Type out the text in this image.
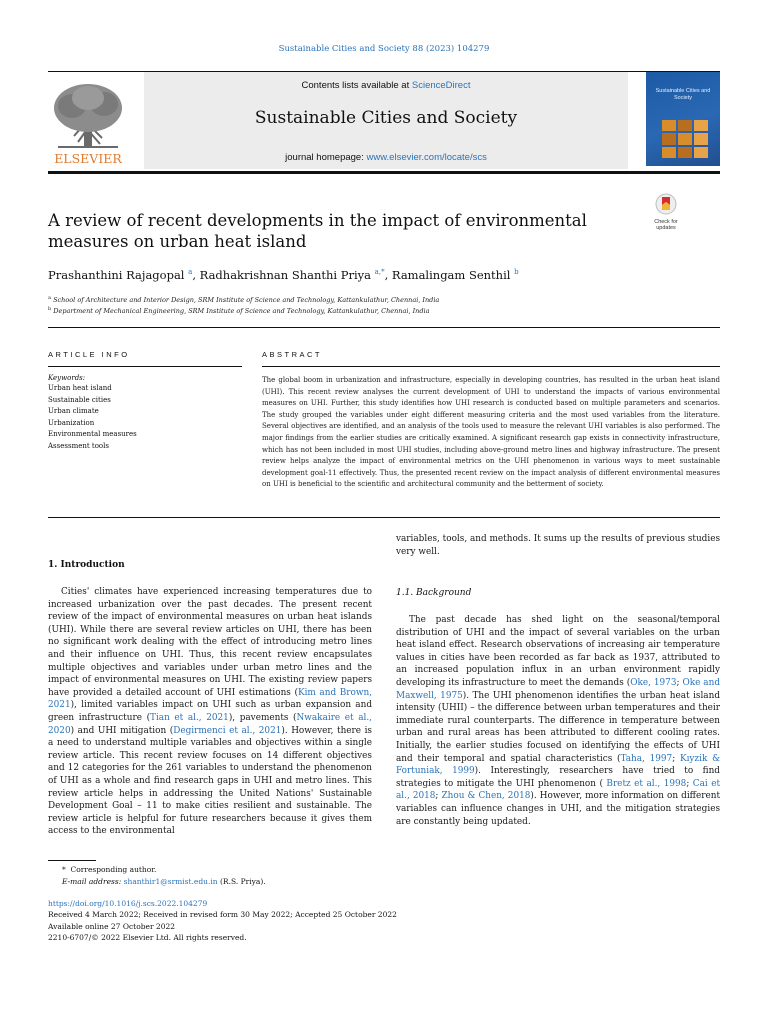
Sustainable Cities and Society 88 (2023) 104279
ELSEVIER
Contents lists available at ScienceDirect
Sustainable Cities and Society
journal homepage: www.elsevier.com/locate/scs
Sustainable Cities and Society
A review of recent developments in the impact of environmental measures on urban heat island
Check for
updates
Prashanthini Rajagopal $^a$, Radhakrishnan Shanthi Priya $^{a,*}$, Ramalingam Senthil $^b$
$^a$ School of Architecture and Interior Design, SRM Institute of Science and Technology, Kattankulathur, Chennai, India
$^b$ Department of Mechanical Engineering, SRM Institute of Science and Technology, Kattankulathur, Chennai, India
ARTICLE INFO	ABSTRACT
Keywords:
Urban heat island
Sustainable cities
Urban climate
Urbanization
Environmental measures
Assessment tools
The global boom in urbanization and infrastructure, especially in developing countries, has resulted in the urban heat island (UHI). This recent review analyses the current development of UHI to understand the impacts of various environmental measures on UHI. Further, this study identifies how UHI research is conducted based on multiple parameters and scenarios. The study grouped the variables under eight different measuring criteria and the most used variables from the literature. Several objectives are identified, and an analysis of the tools used to measure the relevant UHI variables is also performed. The major findings from the earlier studies are critically examined. A significant research gap exists in connectivity infrastructure, which has not been included in most UHI studies, including above-ground metro lines and highway infrastructure. The present review helps analyze the impact of environmental metrics on the UHI phenomenon in various ways to meet sustainable development goal-11 effectively. Thus, the presented recent review on the impact analysis of different environmental measures on UHI is beneficial to the scientific and architectural community and the betterment of society.
1. Introduction

Cities' climates have experienced increasing temperatures due to increased urbanization over the past decades. The present recent review of the impact of environmental measures on urban heat islands (UHI). While there are several review articles on UHI, there has been no significant work dealing with the effect of introducing metro lines and their influence on UHI. Thus, this recent review encapsulates multiple objectives and variables under urban metro lines and the impact of environmental measures on UHI. The existing review papers have provided a detailed account of UHI estimations (Kim and Brown, 2021), limited variables impact on UHI such as urban expansion and green infrastructure (Tian et al., 2021), pavements (Nwakaire et al., 2020) and UHI mitigation (Degirmenci et al., 2021). However, there is a need to understand multiple variables and objectives within a single review article. This recent review focuses on 14 different objectives and 12 categories for the 261 variables to understand the phenomenon of UHI as a whole and find research gaps in UHI and metro lines. This review article helps in addressing the United Nations' Sustainable Development Goal – 11 to make cities resilient and sustainable. The review article is helpful for future researchers because it gives them access to the environmental

variables, tools, and methods. It sums up the results of previous studies very well.
1.1. Background

The past decade has shed light on the seasonal/temporal distribution of UHI and the impact of several variables on the urban heat island effect. Research observations of increasing air temperature values in cities have been recorded as far back as 1937, attributed to an increased population influx in an urban environment rapidly developing its infrastructure to meet the demands (Oke, 1973; Oke and Maxwell, 1975). The UHI phenomenon identifies the urban heat island intensity (UHII) – the difference between urban temperatures and their immediate rural counterparts. The difference in temperature between urban and rural areas has been attributed to different cooling rates. Initially, the earlier studies focused on identifying the effects of UHI and their temporal and spatial characteristics (Taha, 1997; Kıyzik & Fortuniak, 1999). Interestingly, researchers have tried to find strategies to mitigate the UHI phenomenon ( Bretz et al., 1998; Cai et al., 2018; Zhou & Chen, 2018). However, more information on different variables can influence changes in UHI, and the mitigation strategies are constantly being updated.

* Corresponding author.
E-mail address: shanthir1@srmist.edu.in (R.S. Priya).
https://doi.org/10.1016/j.scs.2022.104279
Received 4 March 2022; Received in revised form 30 May 2022; Accepted 25 October 2022
Available online 27 October 2022
2210-6707/© 2022 Elsevier Ltd. All rights reserved.
